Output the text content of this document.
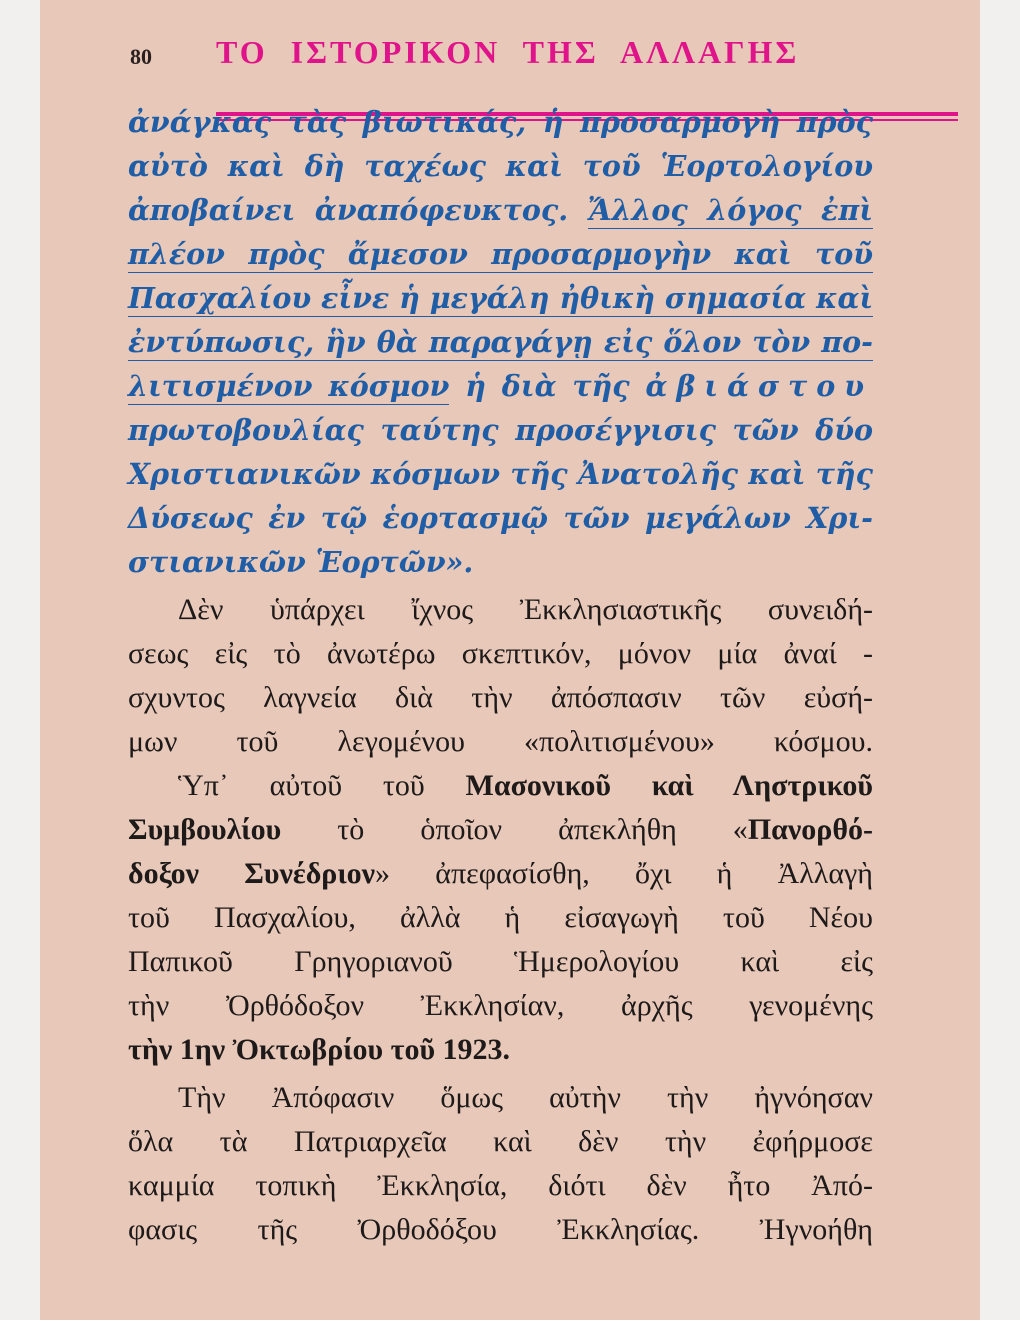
80 ΤΟ ΙΣΤΟΡΙΚΟΝ ΤΗΣ ΑΛΛΑΓΗΣ
ἀνάγκας τὰς βιωτικάς, ἡ προσαρμογὴ πρὸς
αὐτὸ καὶ δὴ ταχέως καὶ τοῦ Ἑορτολογίου
ἀποβαίνει ἀναπόφευκτος. Ἄλλος λόγος ἐπὶ
πλέον πρὸς ἄμεσον προσαρμογὴν καὶ τοῦ
Πασχαλίου εἶνε ἡ μεγάλη ἠθικὴ σημασία καὶ
ἐντύπωσις, ἣν θὰ παραγάγῃ εἰς ὅλον τὸν πο-
λιτισμένον κόσμον ἡ διὰ τῆς ἀβιάστου
πρωτοβουλίας ταύτης προσέγγισις τῶν δύο
Χριστιανικῶν κόσμων τῆς Ἀνατολῆς καὶ τῆς
Δύσεως ἐν τῷ ἑορτασμῷ τῶν μεγάλων Χρι-
στιανικῶν Ἑορτῶν».
Δὲν ὑπάρχει ἴχνος Ἐκκλησιαστικῆς συνειδή-
σεως εἰς τὸ ἀνωτέρω σκεπτικόν, μόνον μία ἀναί -
σχυντος λαγνεία διὰ τὴν ἀπόσπασιν τῶν εὐσή-
μων τοῦ λεγομένου «πολιτισμένου» κόσμου.
Ὑπ᾽ αὐτοῦ τοῦ Μασονικοῦ καὶ Ληστρικοῦ
Συμβουλίου τὸ ὁποῖον ἀπεκλήθη «Πανορθό-
δοξον Συνέδριον» ἀπεφασίσθη, ὄχι ἡ Ἀλλαγὴ
τοῦ Πασχαλίου, ἀλλὰ ἡ εἰσαγωγὴ τοῦ Νέου
Παπικοῦ Γρηγοριανοῦ Ἡμερολογίου καὶ εἰς
τὴν Ὀρθόδοξον Ἐκκλησίαν, ἀρχῆς γενομένης
τὴν 1ην Ὀκτωβρίου τοῦ 1923.
Τὴν Ἀπόφασιν ὅμως αὐτὴν τὴν ἠγνόησαν
ὅλα τὰ Πατριαρχεῖα καὶ δὲν τὴν ἐφήρμοσε
καμμία τοπικὴ Ἐκκλησία, διότι δὲν ἦτο Ἀπό-
φασις τῆς Ὀρθοδόξου Ἐκκλησίας. Ἠγνοήθη
